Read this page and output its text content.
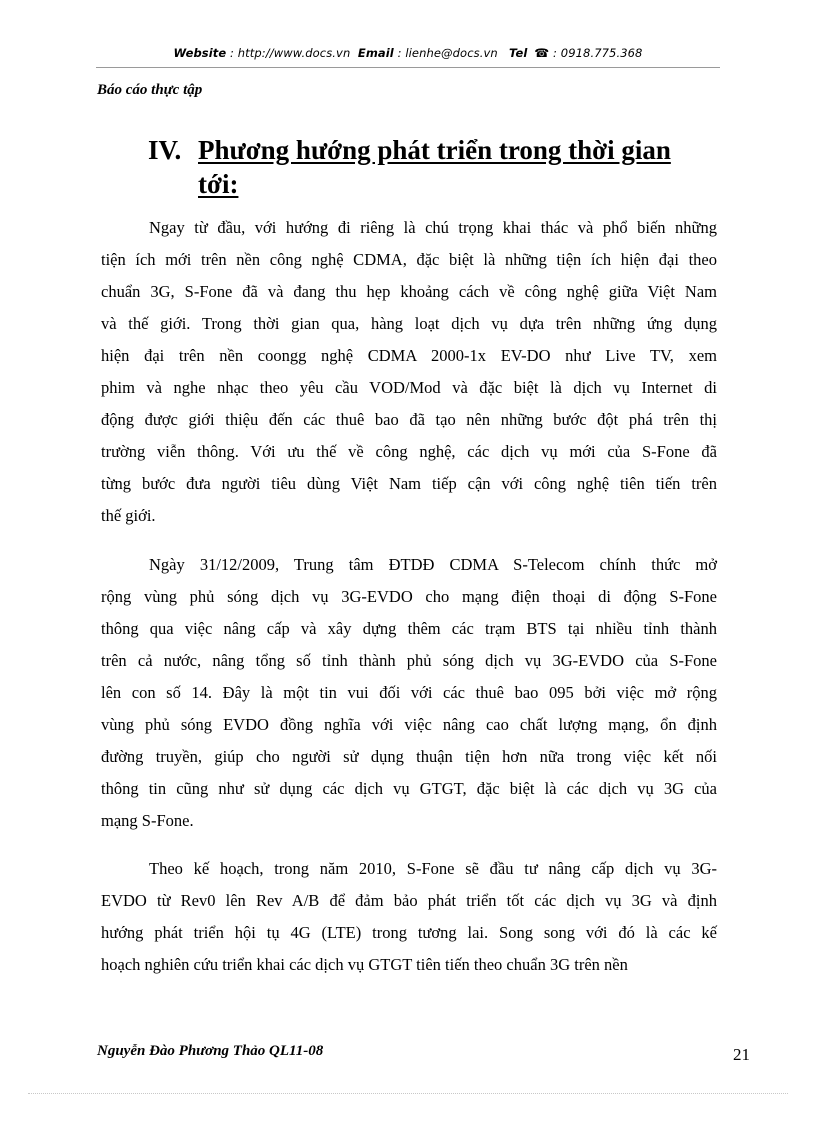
Website : http://www.docs.vn Email : lienhe@docs.vn Tel ☎ : 0918.775.368
Báo cáo thực tập
IV. Phương hướng phát triển trong thời gian tới:
Ngay từ đầu, với hướng đi riêng là chú trọng khai thác và phổ biến những
tiện ích mới trên nền công nghệ CDMA, đặc biệt là những tiện ích hiện đại theo
chuẩn 3G, S-Fone đã và đang thu hẹp khoảng cách về công nghệ giữa Việt Nam
và thế giới. Trong thời gian qua, hàng loạt dịch vụ dựa trên những ứng dụng
hiện đại trên nền coongg nghệ CDMA 2000-1x EV-DO như Live TV, xem
phim và nghe nhạc theo yêu cầu VOD/Mod và đặc biệt là dịch vụ Internet di
động được giới thiệu đến các thuê bao đã tạo nên những bước đột phá trên thị
trường viễn thông. Với ưu thế về công nghệ, các dịch vụ mới của S-Fone đã
từng bước đưa người tiêu dùng Việt Nam tiếp cận với công nghệ tiên tiến trên
thế giới.
Ngày 31/12/2009, Trung tâm ĐTDĐ CDMA S-Telecom chính thức mở
rộng vùng phủ sóng dịch vụ 3G-EVDO cho mạng điện thoại di động S-Fone
thông qua việc nâng cấp và xây dựng thêm các trạm BTS tại nhiều tỉnh thành
trên cả nước, nâng tổng số tỉnh thành phủ sóng dịch vụ 3G-EVDO của S-Fone
lên con số 14. Đây là một tin vui đối với các thuê bao 095 bởi việc mở rộng
vùng phủ sóng EVDO đồng nghĩa với việc nâng cao chất lượng mạng, ổn định
đường truyền, giúp cho người sử dụng thuận tiện hơn nữa trong việc kết nối
thông tin cũng như sử dụng các dịch vụ GTGT, đặc biệt là các dịch vụ 3G của
mạng S-Fone.
Theo kế hoạch, trong năm 2010, S-Fone sẽ đầu tư nâng cấp dịch vụ 3G-
EVDO từ Rev0 lên Rev A/B để đảm bảo phát triển tốt các dịch vụ 3G và định
hướng phát triển hội tụ 4G (LTE) trong tương lai. Song song với đó là các kế
hoạch nghiên cứu triển khai các dịch vụ GTGT tiên tiến theo chuẩn 3G trên nền
Nguyễn Đào Phương Thảo QL11-08	21
